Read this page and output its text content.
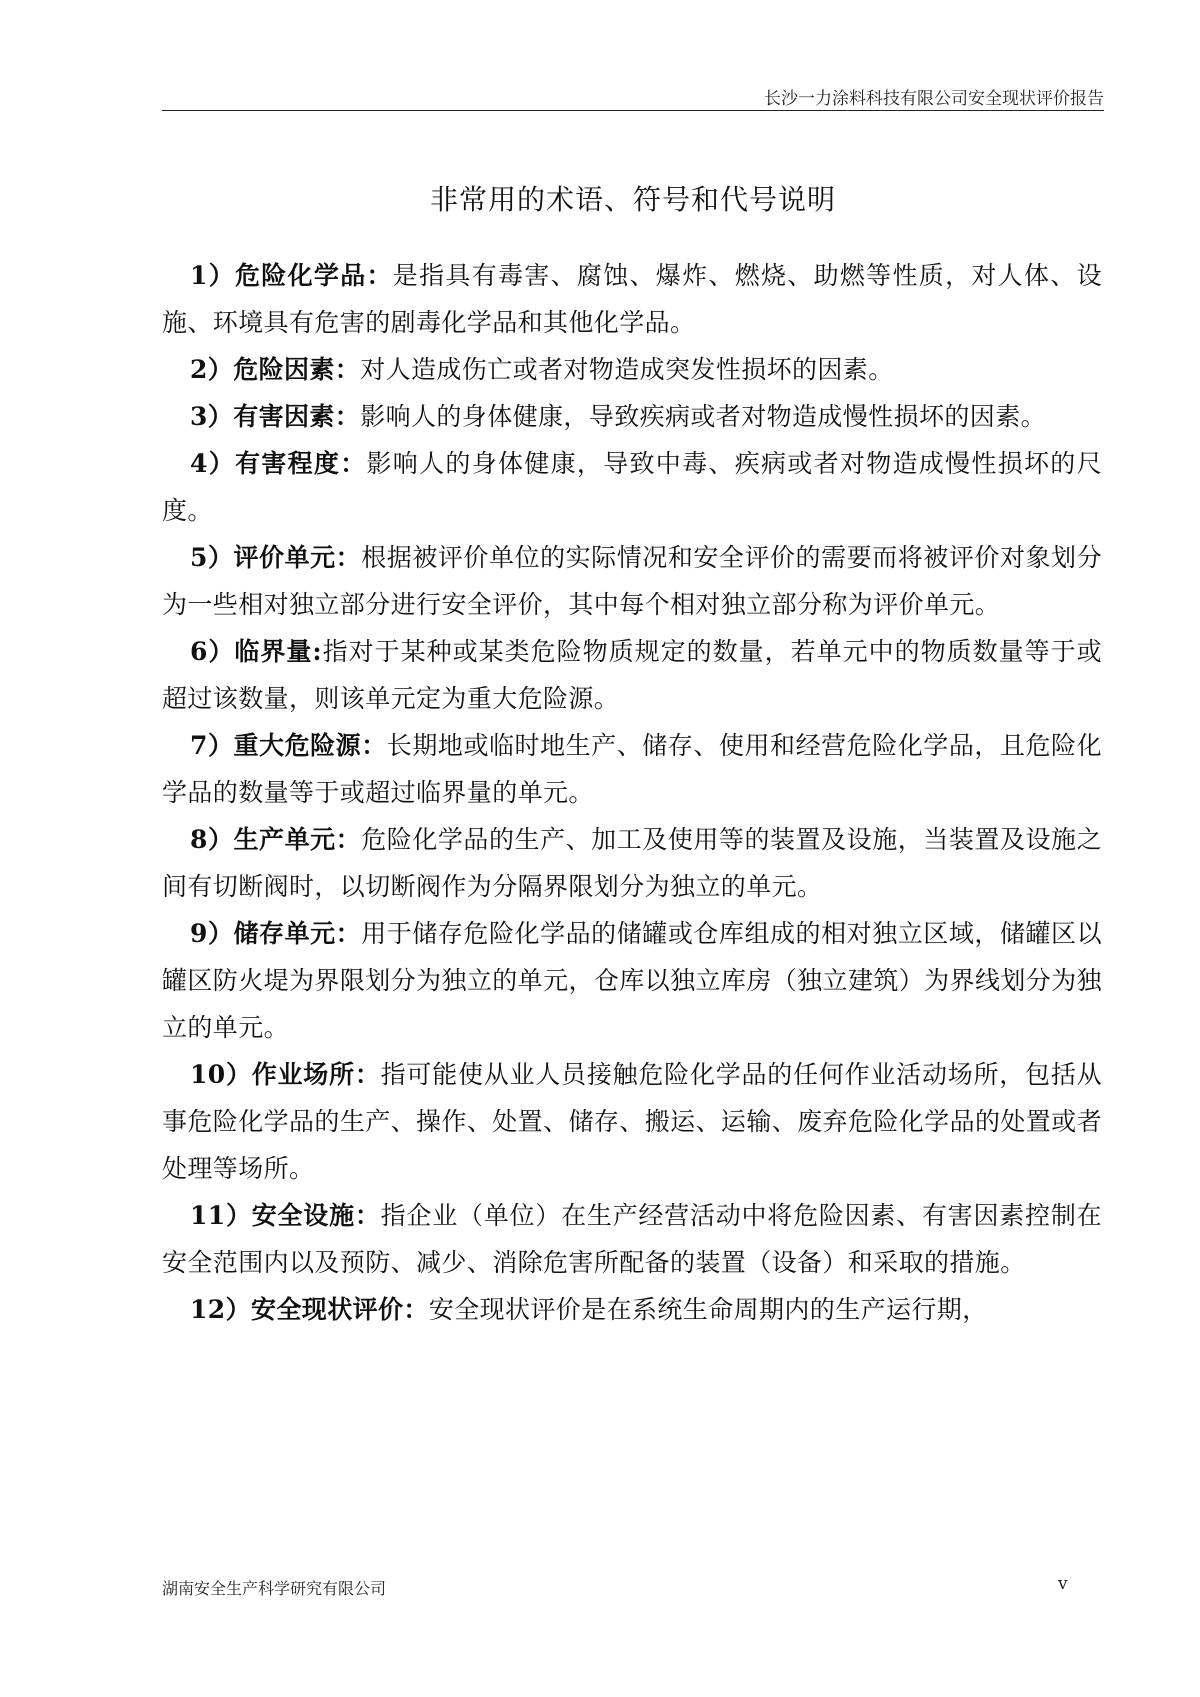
长沙一力涂料科技有限公司安全现状评价报告
非常用的术语、符号和代号说明

1）危险化学品：是指具有毒害、腐蚀、爆炸、燃烧、助燃等性质，对人体、设施、环境具有危害的剧毒化学品和其他化学品。

2）危险因素：对人造成伤亡或者对物造成突发性损坏的因素。

3）有害因素：影响人的身体健康，导致疾病或者对物造成慢性损坏的因素。

4）有害程度：影响人的身体健康，导致中毒、疾病或者对物造成慢性损坏的尺度。

5）评价单元：根据被评价单位的实际情况和安全评价的需要而将被评价对象划分为一些相对独立部分进行安全评价，其中每个相对独立部分称为评价单元。

6）临界量:指对于某种或某类危险物质规定的数量，若单元中的物质数量等于或超过该数量，则该单元定为重大危险源。

7）重大危险源：长期地或临时地生产、储存、使用和经营危险化学品，且危险化学品的数量等于或超过临界量的单元。

8）生产单元：危险化学品的生产、加工及使用等的装置及设施，当装置及设施之间有切断阀时，以切断阀作为分隔界限划分为独立的单元。

9）储存单元：用于储存危险化学品的储罐或仓库组成的相对独立区域，储罐区以罐区防火堤为界限划分为独立的单元，仓库以独立库房（独立建筑）为界线划分为独立的单元。

10）作业场所：指可能使从业人员接触危险化学品的任何作业活动场所，包括从事危险化学品的生产、操作、处置、储存、搬运、运输、废弃危险化学品的处置或者处理等场所。

11）安全设施：指企业（单位）在生产经营活动中将危险因素、有害因素控制在安全范围内以及预防、减少、消除危害所配备的装置（设备）和采取的措施。

12）安全现状评价：安全现状评价是在系统生命周期内的生产运行期，

湖南安全生产科学研究有限公司	v
